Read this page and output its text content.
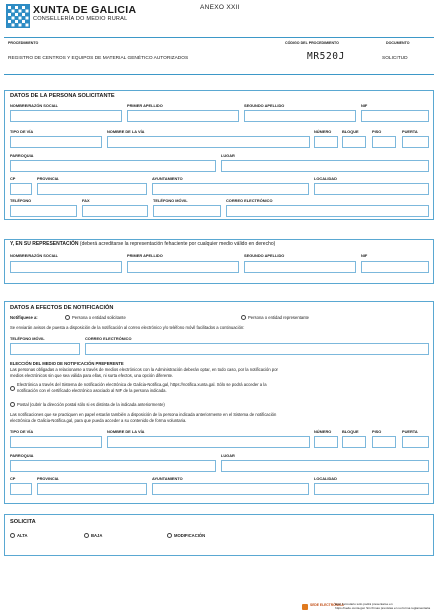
XUNTA DE GALICIA
CONSELLERÍA DO MEDIO RURAL
ANEXO XXII
PROCEDIMIENTO
REGISTRO DE CENTROS Y EQUIPOS DE MATERIAL GENÉTICO AUTORIZADOS
CÓDIGO DEL PROCEDIMIENTO
MR520J
DOCUMENTO
SOLICITUD
DATOS DE LA PERSONA SOLICITANTE
NOMBRE/RAZÓN SOCIAL	PRIMER APELLIDO	SEGUNDO APELLIDO	NIF
TIPO DE VÍA	NOMBRE DE LA VÍA	NÚMERO	BLOQUE	PISO	PUERTA
PARROQUIA	LUGAR
CP	PROVINCIA	AYUNTAMIENTO	LOCALIDAD
TELÉFONO	FAX	TELÉFONO MÓVIL	CORREO ELECTRÓNICO
Y, EN SU REPRESENTACIÓN (deberá acreditarse la representación fehaciente por cualquier medio válido en derecho)
NOMBRE/RAZÓN SOCIAL	PRIMER APELLIDO	SEGUNDO APELLIDO	NIF
DATOS A EFECTOS DE NOTIFICACIÓN
Notifíquese a:	Persona o entidad solicitante	Persona o entidad representante
Se enviarán avisos de puesta a disposición de la notificación al correo electrónico y/o teléfono móvil facilitados a continuación:
TELÉFONO MÓVIL	CORREO ELECTRÓNICO
ELECCIÓN DEL MEDIO DE NOTIFICACIÓN PREFERENTE
Las personas obligadas a relacionarse a través de medios electrónicos con la Administración deberán optar, en todo caso, por la notificación por
medios electrónicos sin que sea válida para ellas, ni surta efectos, una opción diferente.
Electrónica a través del Sistema de notificación electrónica de Galicia-Notifica.gal, https://notifica.xunta.gal. Sólo se podrá acceder a la
notificación con el certificado electrónico asociado al NIF de la persona indicada.
Postal (cubrir la dirección postal sólo si es distinta de la indicada anteriormente)
Las notificaciones que se practiquen en papel estarán también a disposición de la persona indicada anteriormente en el Sistema de notificación
electrónica de Galicia-Notifica.gal, para que pueda acceder a su contenido de forma voluntaria.
TIPO DE VÍA	NOMBRE DE LA VÍA	NÚMERO	BLOQUE	PISO	PUERTA
PARROQUIA	LUGAR
CP	PROVINCIA	AYUNTAMIENTO	LOCALIDAD
SOLICITA
ALTA	BAJA	MODIFICACIÓN
SEDE ELECTRÓNICA
Este formulario sólo podrá presentarse en
https://sede.xunta.gal. Sin firmas previstas en su forma reglamentaria
